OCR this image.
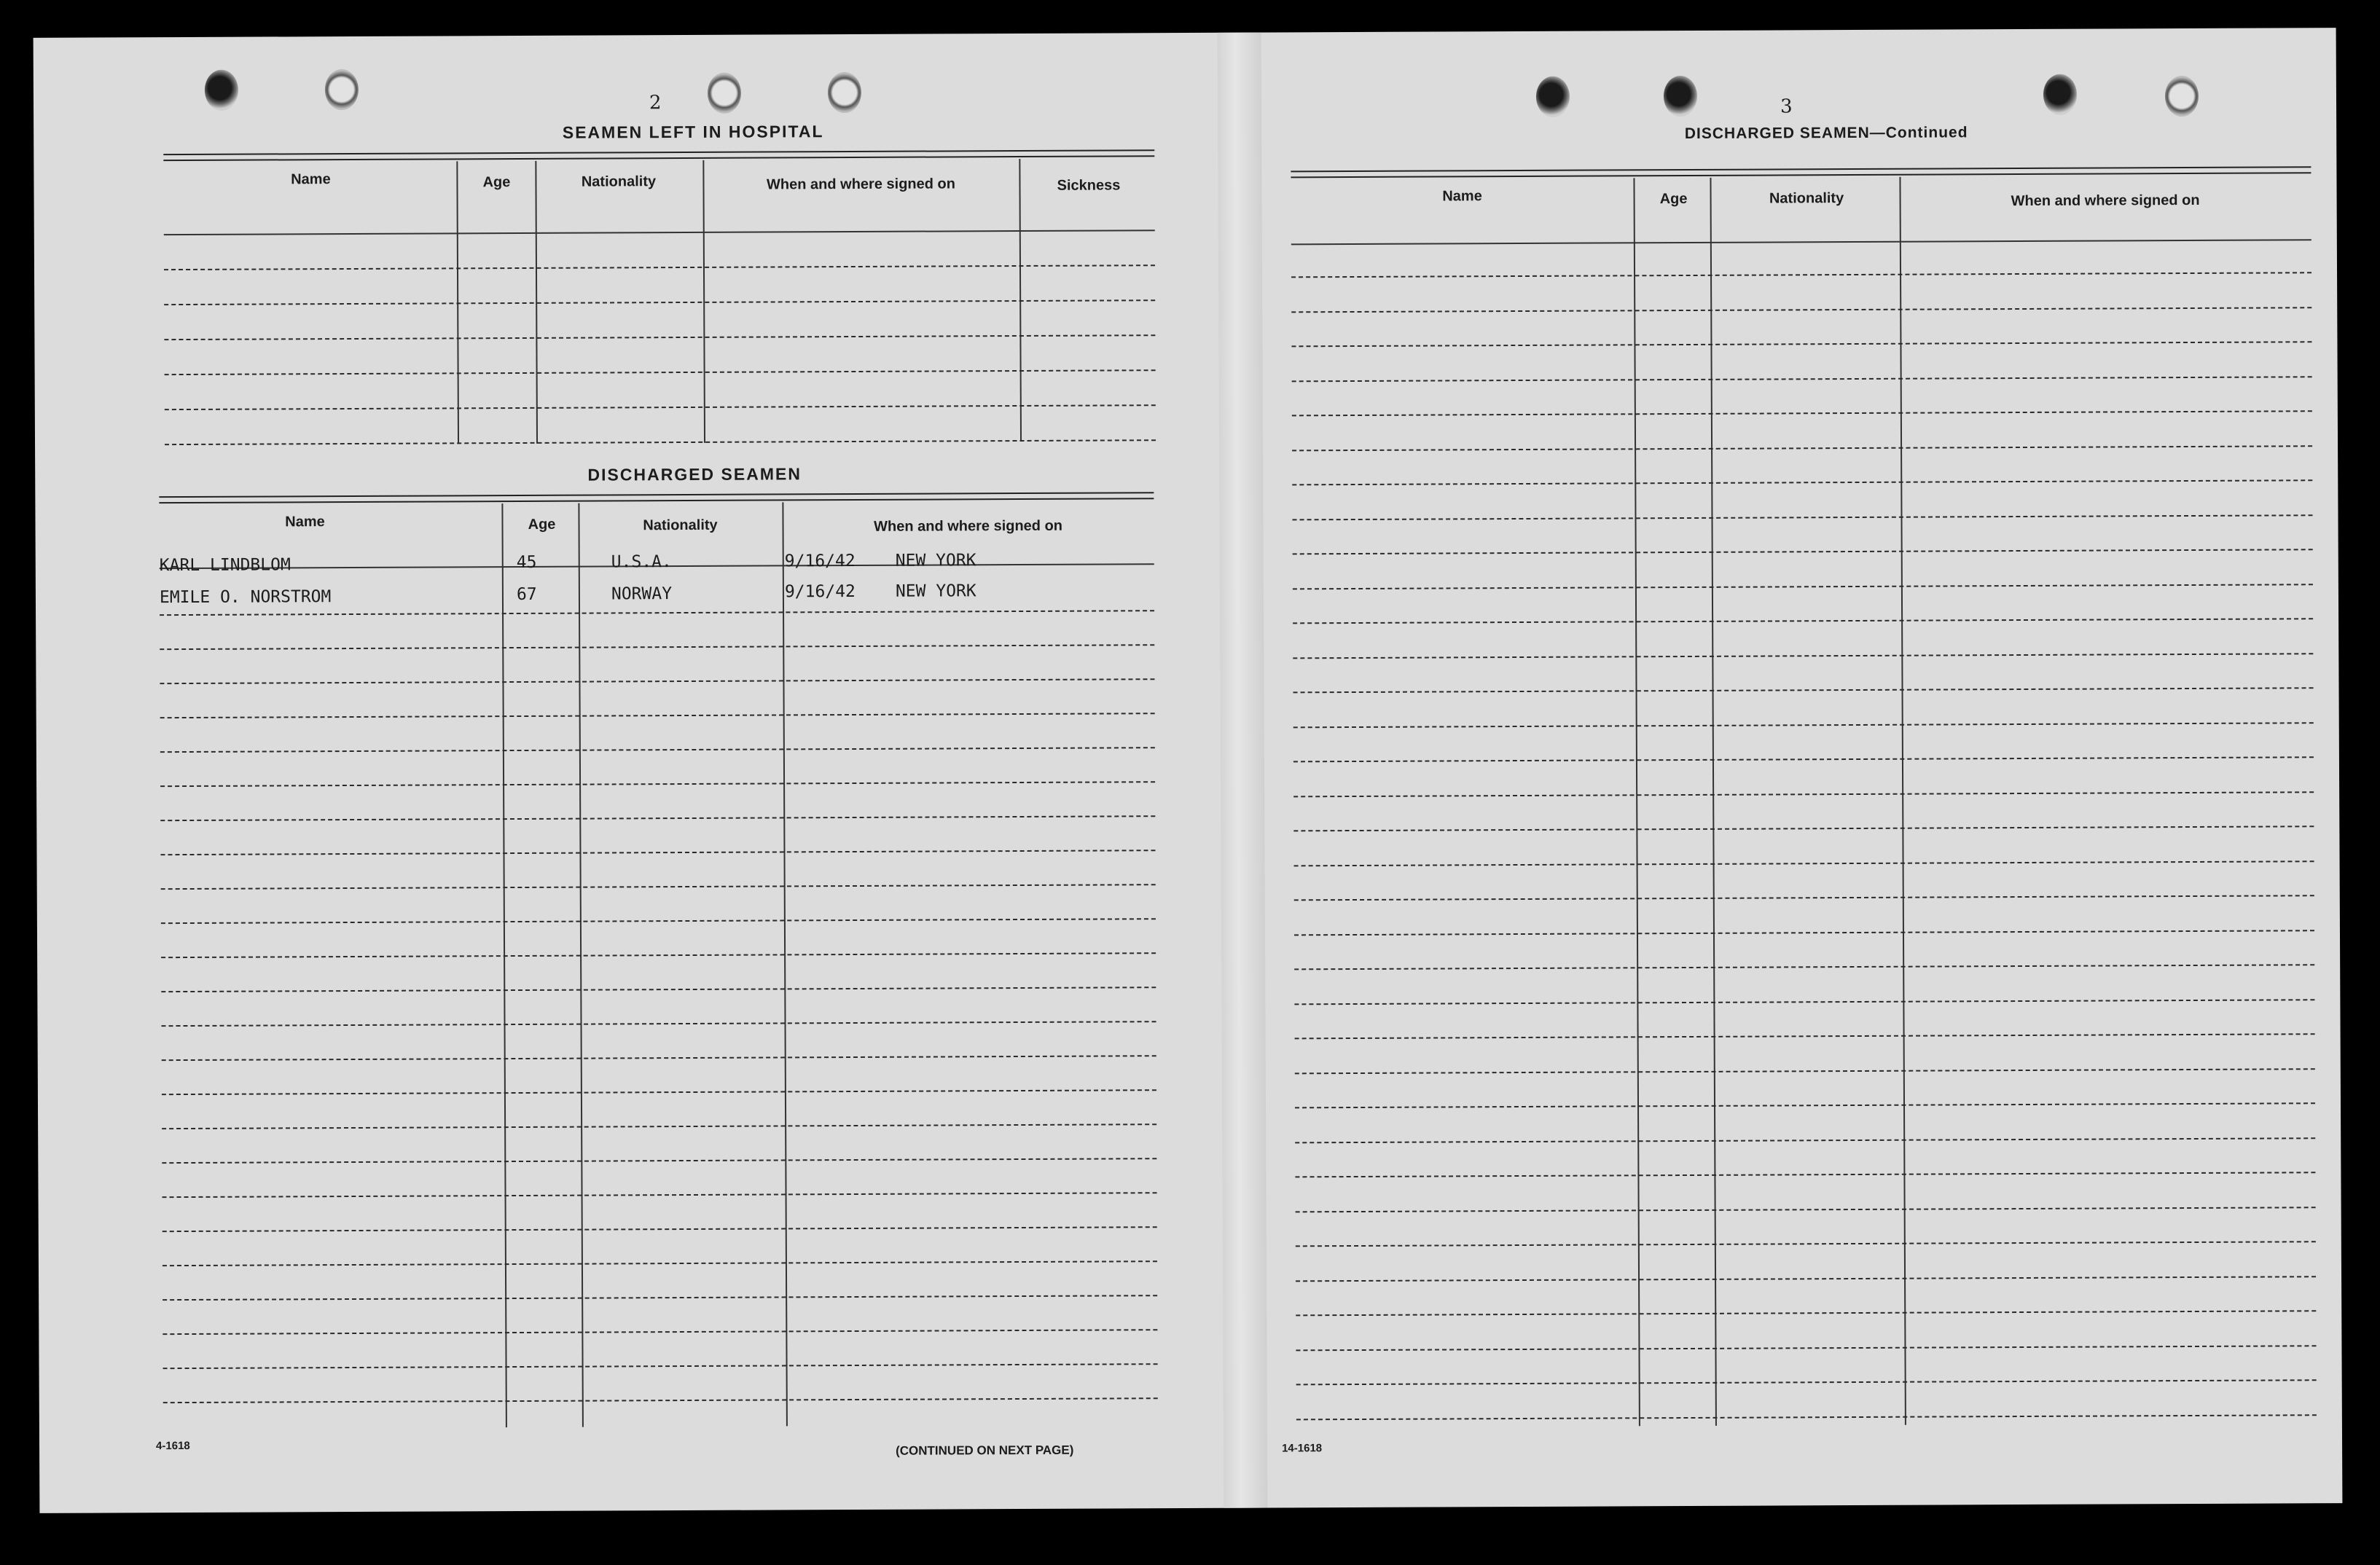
2
SEAMEN LEFT IN HOSPITAL
Name	Age	Nationality	When and where signed on	Sickness
DISCHARGED SEAMEN
Name	Age	Nationality	When and where signed on
KARL LINDBLOM	45	U.S.A.	9/16/42 NEW YORK
EMILE O. NORSTROM	67	NORWAY	9/16/42 NEW YORK
4-1618	(CONTINUED ON NEXT PAGE)
3
DISCHARGED SEAMEN—Continued
Name	Age	Nationality	When and where signed on
14-1618
